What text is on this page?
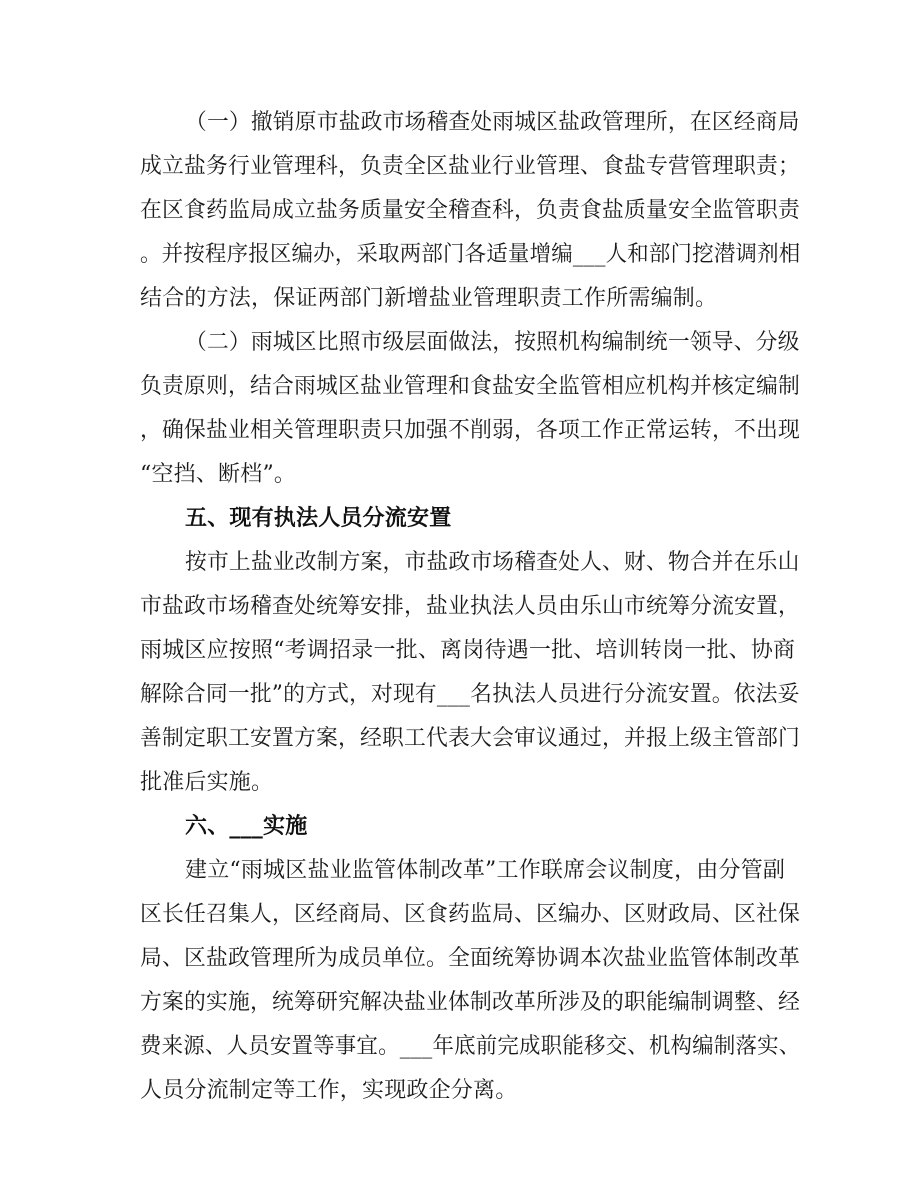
（一）撤销原市盐政市场稽查处雨城区盐政管理所，在区经商局
成立盐务行业管理科，负责全区盐业行业管理、食盐专营管理职责；
在区食药监局成立盐务质量安全稽查科，负责食盐质量安全监管职责
。并按程序报区编办，采取两部门各适量增编___人和部门挖潜调剂相
结合的方法，保证两部门新增盐业管理职责工作所需编制。
（二）雨城区比照市级层面做法，按照机构编制统一领导、分级
负责原则，结合雨城区盐业管理和食盐安全监管相应机构并核定编制
，确保盐业相关管理职责只加强不削弱，各项工作正常运转，不出现
“空挡、断档”。
五、现有执法人员分流安置
按市上盐业改制方案，市盐政市场稽查处人、财、物合并在乐山
市盐政市场稽查处统筹安排，盐业执法人员由乐山市统筹分流安置，
雨城区应按照“考调招录一批、离岗待遇一批、培训转岗一批、协商
解除合同一批”的方式，对现有___名执法人员进行分流安置。依法妥
善制定职工安置方案，经职工代表大会审议通过，并报上级主管部门
批准后实施。
六、___实施
建立“雨城区盐业监管体制改革”工作联席会议制度，由分管副
区长任召集人，区经商局、区食药监局、区编办、区财政局、区社保
局、区盐政管理所为成员单位。全面统筹协调本次盐业监管体制改革
方案的实施，统筹研究解决盐业体制改革所涉及的职能编制调整、经
费来源、人员安置等事宜。___年底前完成职能移交、机构编制落实、
人员分流制定等工作，实现政企分离。
